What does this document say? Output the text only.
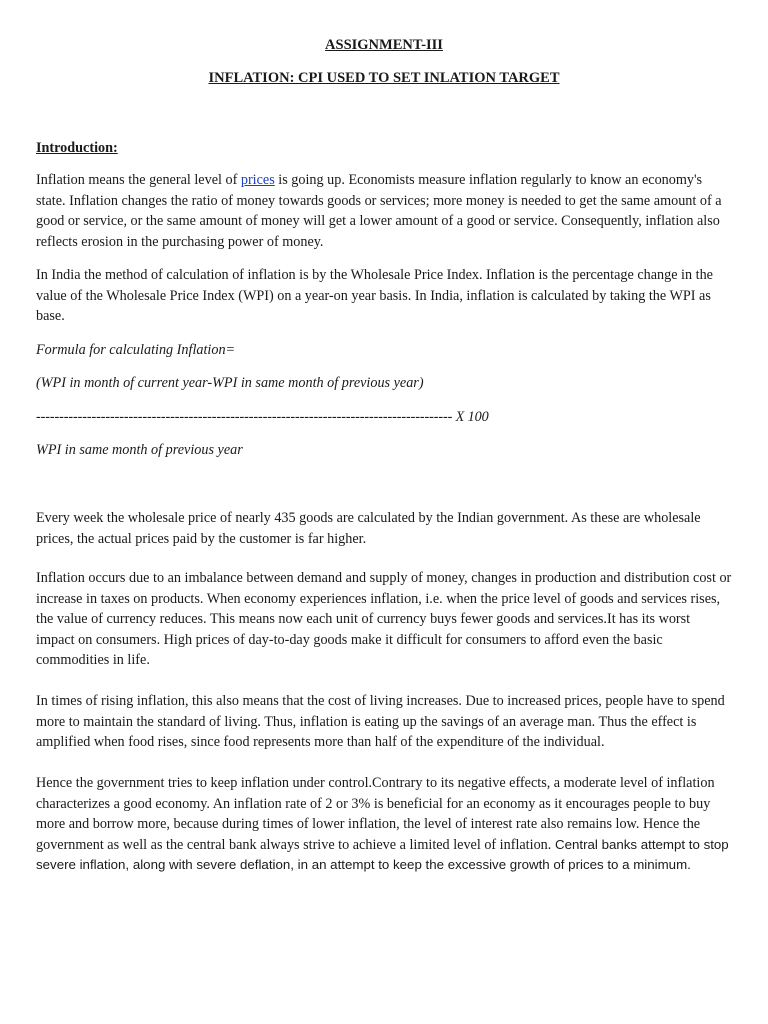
ASSIGNMENT-III
INFLATION: CPI USED TO SET INLATION TARGET
Introduction:
Inflation means the general level of prices is going up. Economists measure inflation regularly to know an economy's state. Inflation changes the ratio of money towards goods or services; more money is needed to get the same amount of a good or service, or the same amount of money will get a lower amount of a good or service. Consequently, inflation also reflects erosion in the purchasing power of money.
In India the method of calculation of inflation is by the Wholesale Price Index. Inflation is the percentage change in the value of the Wholesale Price Index (WPI) on a year-on year basis. In India, inflation is calculated by taking the WPI as base.
Formula for calculating Inflation=
(WPI in month of current year-WPI in same month of previous year)
------------------------------------------------------------------------------------------ X 100
WPI in same month of previous year
Every week the wholesale price of nearly 435 goods are calculated by the Indian government. As these are wholesale prices, the actual prices paid by the customer is far higher.
Inflation occurs due to an imbalance between demand and supply of money, changes in production and distribution cost or increase in taxes on products. When economy experiences inflation, i.e. when the price level of goods and services rises, the value of currency reduces. This means now each unit of currency buys fewer goods and services.It has its worst impact on consumers. High prices of day-to-day goods make it difficult for consumers to afford even the basic commodities in life.
In times of rising inflation, this also means that the cost of living increases. Due to increased prices, people have to spend more to maintain the standard of living. Thus, inflation is eating up the savings of an average man. Thus the effect is amplified when food rises, since food represents more than half of the expenditure of the individual.
Hence the government tries to keep inflation under control.Contrary to its negative effects, a moderate level of inflation characterizes a good economy. An inflation rate of 2 or 3% is beneficial for an economy as it encourages people to buy more and borrow more, because during times of lower inflation, the level of interest rate also remains low. Hence the government as well as the central bank always strive to achieve a limited level of inflation. Central banks attempt to stop severe inflation, along with severe deflation, in an attempt to keep the excessive growth of prices to a minimum.
